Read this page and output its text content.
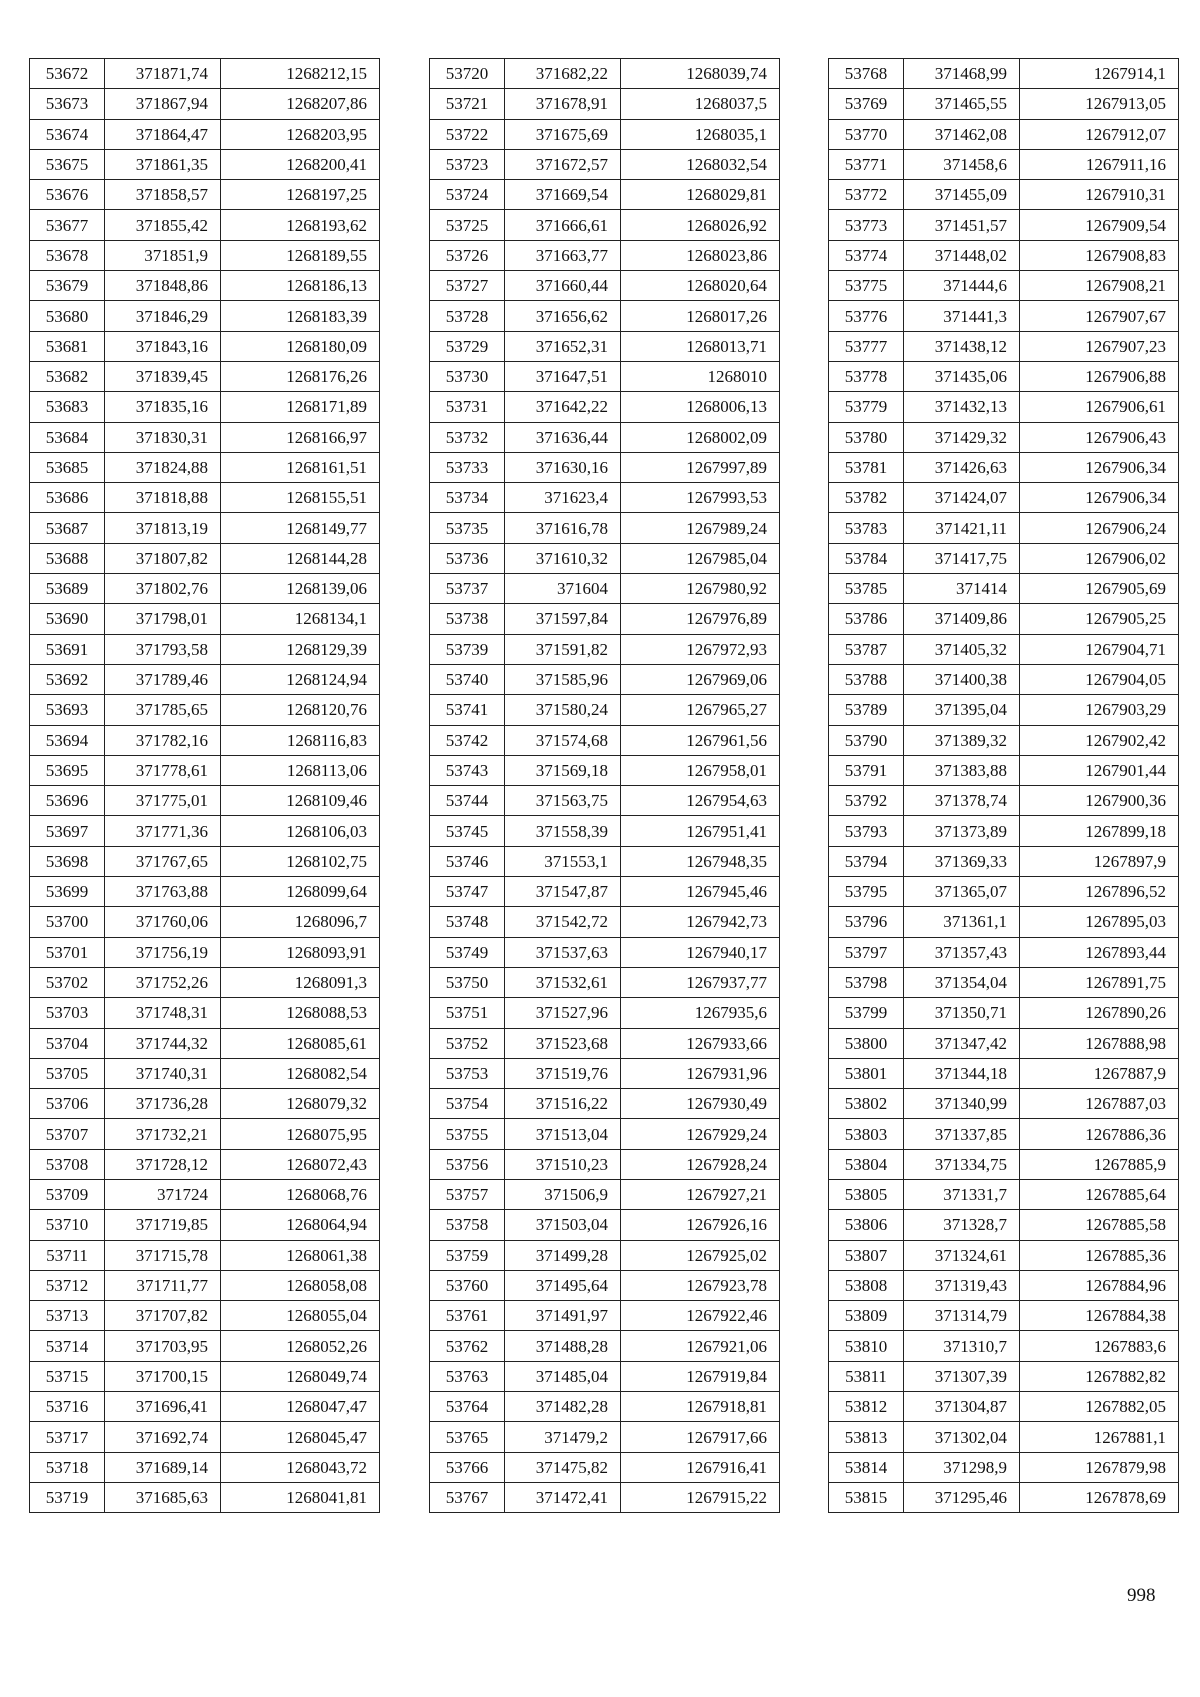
53672	371871,74	1268212,15
53673	371867,94	1268207,86
53674	371864,47	1268203,95
53675	371861,35	1268200,41
53676	371858,57	1268197,25
53677	371855,42	1268193,62
53678	371851,9	1268189,55
53679	371848,86	1268186,13
53680	371846,29	1268183,39
53681	371843,16	1268180,09
53682	371839,45	1268176,26
53683	371835,16	1268171,89
53684	371830,31	1268166,97
53685	371824,88	1268161,51
53686	371818,88	1268155,51
53687	371813,19	1268149,77
53688	371807,82	1268144,28
53689	371802,76	1268139,06
53690	371798,01	1268134,1
53691	371793,58	1268129,39
53692	371789,46	1268124,94
53693	371785,65	1268120,76
53694	371782,16	1268116,83
53695	371778,61	1268113,06
53696	371775,01	1268109,46
53697	371771,36	1268106,03
53698	371767,65	1268102,75
53699	371763,88	1268099,64
53700	371760,06	1268096,7
53701	371756,19	1268093,91
53702	371752,26	1268091,3
53703	371748,31	1268088,53
53704	371744,32	1268085,61
53705	371740,31	1268082,54
53706	371736,28	1268079,32
53707	371732,21	1268075,95
53708	371728,12	1268072,43
53709	371724	1268068,76
53710	371719,85	1268064,94
53711	371715,78	1268061,38
53712	371711,77	1268058,08
53713	371707,82	1268055,04
53714	371703,95	1268052,26
53715	371700,15	1268049,74
53716	371696,41	1268047,47
53717	371692,74	1268045,47
53718	371689,14	1268043,72
53719	371685,63	1268041,81
53720	371682,22	1268039,74
53721	371678,91	1268037,5
53722	371675,69	1268035,1
53723	371672,57	1268032,54
53724	371669,54	1268029,81
53725	371666,61	1268026,92
53726	371663,77	1268023,86
53727	371660,44	1268020,64
53728	371656,62	1268017,26
53729	371652,31	1268013,71
53730	371647,51	1268010
53731	371642,22	1268006,13
53732	371636,44	1268002,09
53733	371630,16	1267997,89
53734	371623,4	1267993,53
53735	371616,78	1267989,24
53736	371610,32	1267985,04
53737	371604	1267980,92
53738	371597,84	1267976,89
53739	371591,82	1267972,93
53740	371585,96	1267969,06
53741	371580,24	1267965,27
53742	371574,68	1267961,56
53743	371569,18	1267958,01
53744	371563,75	1267954,63
53745	371558,39	1267951,41
53746	371553,1	1267948,35
53747	371547,87	1267945,46
53748	371542,72	1267942,73
53749	371537,63	1267940,17
53750	371532,61	1267937,77
53751	371527,96	1267935,6
53752	371523,68	1267933,66
53753	371519,76	1267931,96
53754	371516,22	1267930,49
53755	371513,04	1267929,24
53756	371510,23	1267928,24
53757	371506,9	1267927,21
53758	371503,04	1267926,16
53759	371499,28	1267925,02
53760	371495,64	1267923,78
53761	371491,97	1267922,46
53762	371488,28	1267921,06
53763	371485,04	1267919,84
53764	371482,28	1267918,81
53765	371479,2	1267917,66
53766	371475,82	1267916,41
53767	371472,41	1267915,22
53768	371468,99	1267914,1
53769	371465,55	1267913,05
53770	371462,08	1267912,07
53771	371458,6	1267911,16
53772	371455,09	1267910,31
53773	371451,57	1267909,54
53774	371448,02	1267908,83
53775	371444,6	1267908,21
53776	371441,3	1267907,67
53777	371438,12	1267907,23
53778	371435,06	1267906,88
53779	371432,13	1267906,61
53780	371429,32	1267906,43
53781	371426,63	1267906,34
53782	371424,07	1267906,34
53783	371421,11	1267906,24
53784	371417,75	1267906,02
53785	371414	1267905,69
53786	371409,86	1267905,25
53787	371405,32	1267904,71
53788	371400,38	1267904,05
53789	371395,04	1267903,29
53790	371389,32	1267902,42
53791	371383,88	1267901,44
53792	371378,74	1267900,36
53793	371373,89	1267899,18
53794	371369,33	1267897,9
53795	371365,07	1267896,52
53796	371361,1	1267895,03
53797	371357,43	1267893,44
53798	371354,04	1267891,75
53799	371350,71	1267890,26
53800	371347,42	1267888,98
53801	371344,18	1267887,9
53802	371340,99	1267887,03
53803	371337,85	1267886,36
53804	371334,75	1267885,9
53805	371331,7	1267885,64
53806	371328,7	1267885,58
53807	371324,61	1267885,36
53808	371319,43	1267884,96
53809	371314,79	1267884,38
53810	371310,7	1267883,6
53811	371307,39	1267882,82
53812	371304,87	1267882,05
53813	371302,04	1267881,1
53814	371298,9	1267879,98
53815	371295,46	1267878,69
998
